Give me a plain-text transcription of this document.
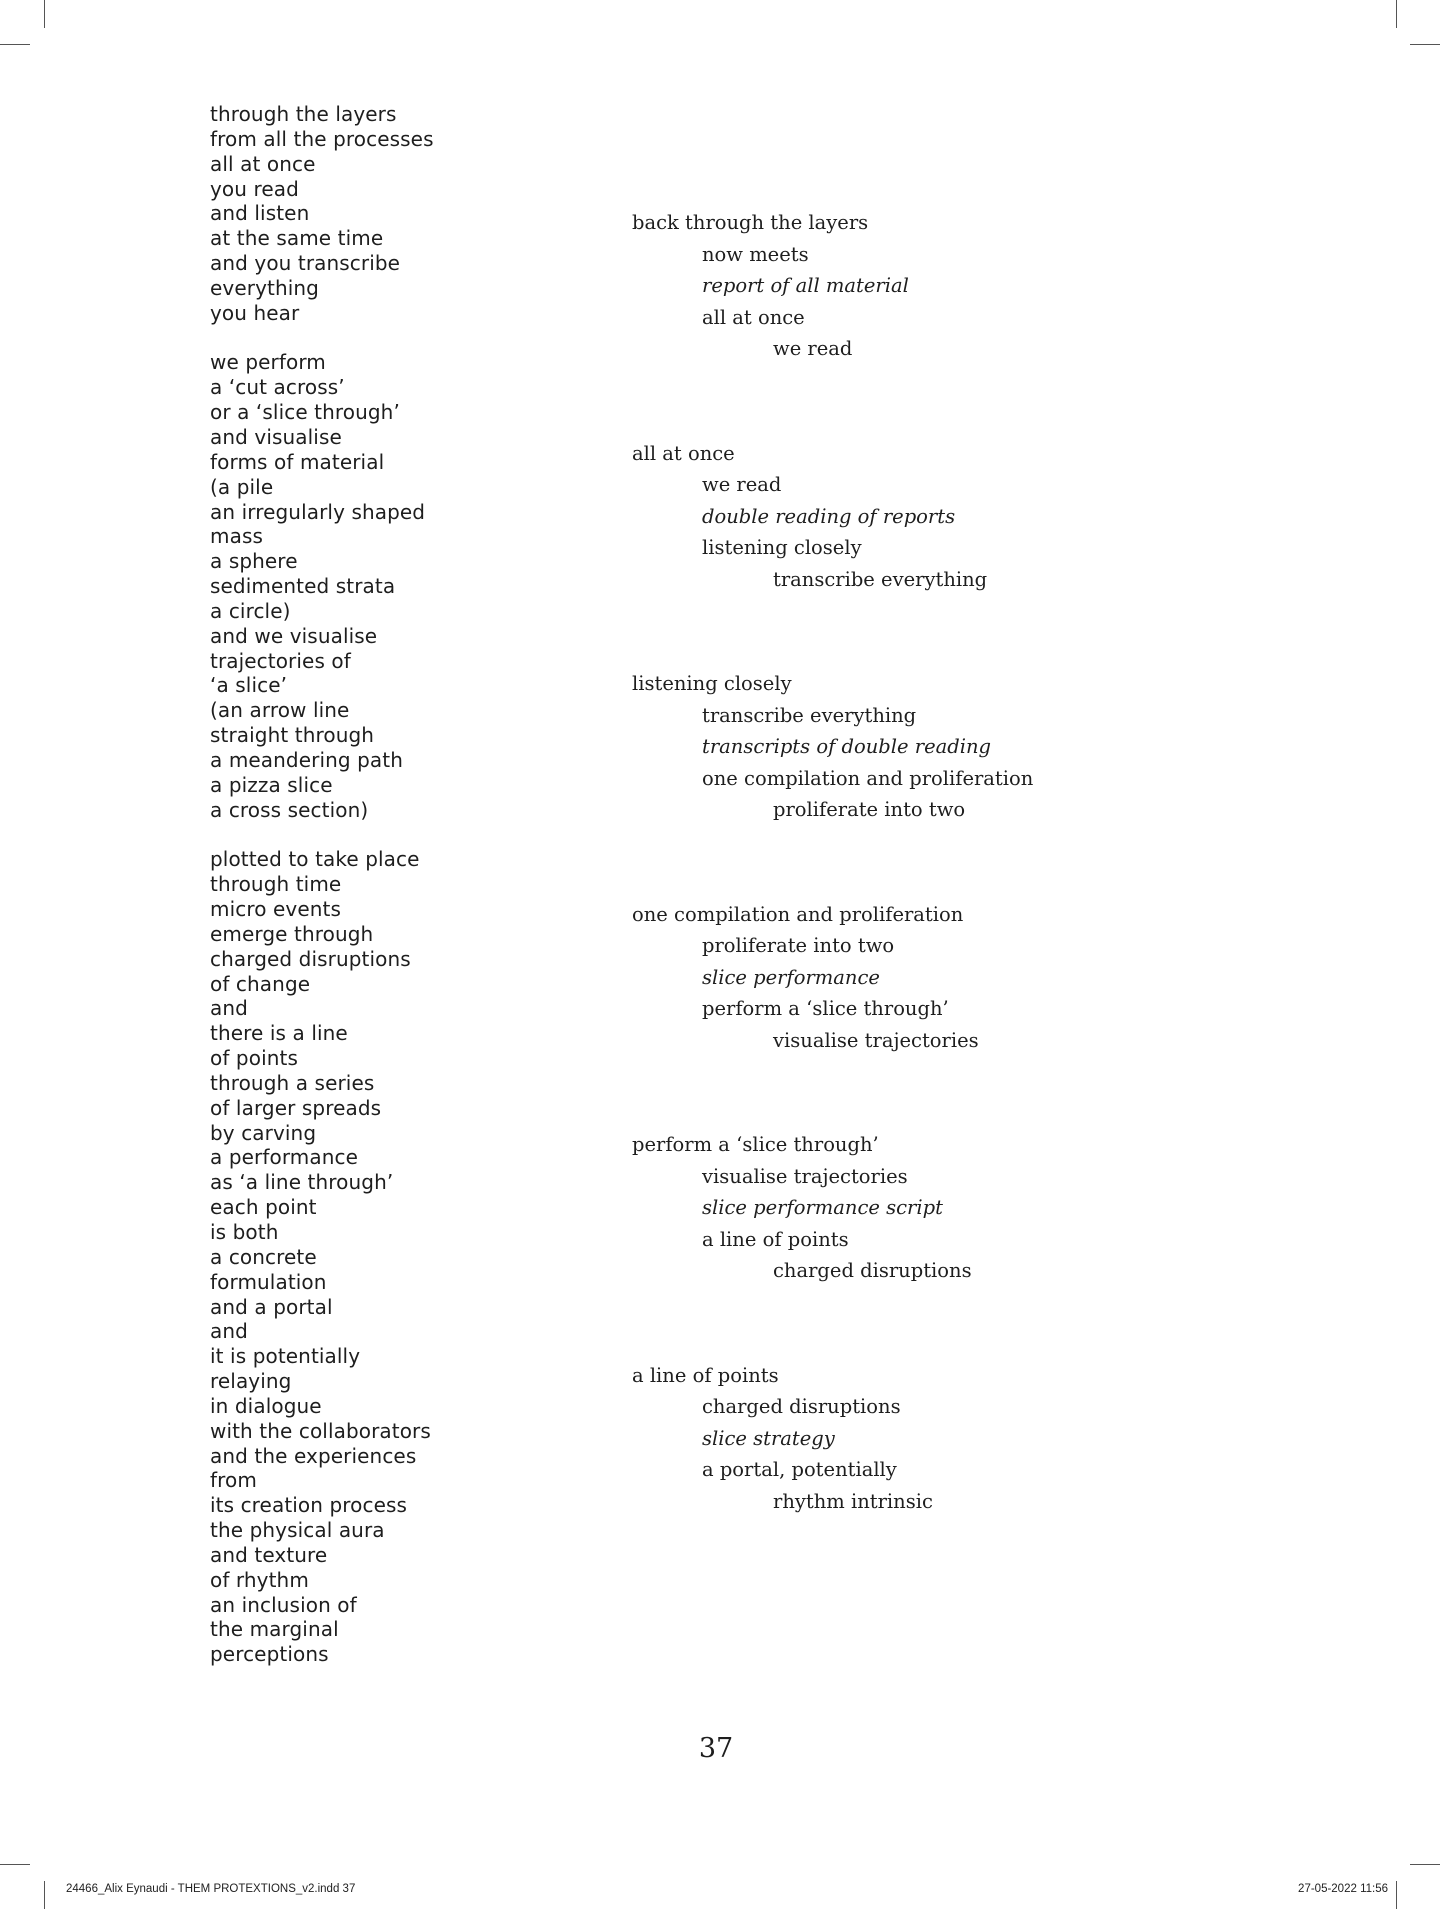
through the layers
from all the processes
all at once
you read
and listen
at the same time
and you transcribe
everything
you hear
we perform
a ‘cut across’
or a ‘slice through’
and visualise
forms of material
(a pile
an irregularly shaped
mass
a sphere
sedimented strata
a circle)
and we visualise
trajectories of
‘a slice’
(an arrow line
straight through
a meandering path
a pizza slice
a cross section)
plotted to take place
through time
micro events
emerge through
charged disruptions
of change
and
there is a line
of points
through a series
of larger spreads
by carving
a performance
as ‘a line through’
each point
is both
a concrete
formulation
and a portal
and
it is potentially
relaying
in dialogue
with the collaborators
and the experiences
from
its creation process
the physical aura
and texture
of rhythm
an inclusion of
the marginal
perceptions
back through the layers
now meets
report of all material
all at once
we read
all at once
we read
double reading of reports
listening closely
transcribe everything
listening closely
transcribe everything
transcripts of double reading
one compilation and proliferation
proliferate into two
one compilation and proliferation
proliferate into two
slice performance
perform a ‘slice through’
visualise trajectories
perform a ‘slice through’
visualise trajectories
slice performance script
a line of points
charged disruptions
a line of points
charged disruptions
slice strategy
a portal, potentially
rhythm intrinsic
37
24466_Alix Eynaudi - THEM PROTEXTIONS_v2.indd 37	27-05-2022 11:56
